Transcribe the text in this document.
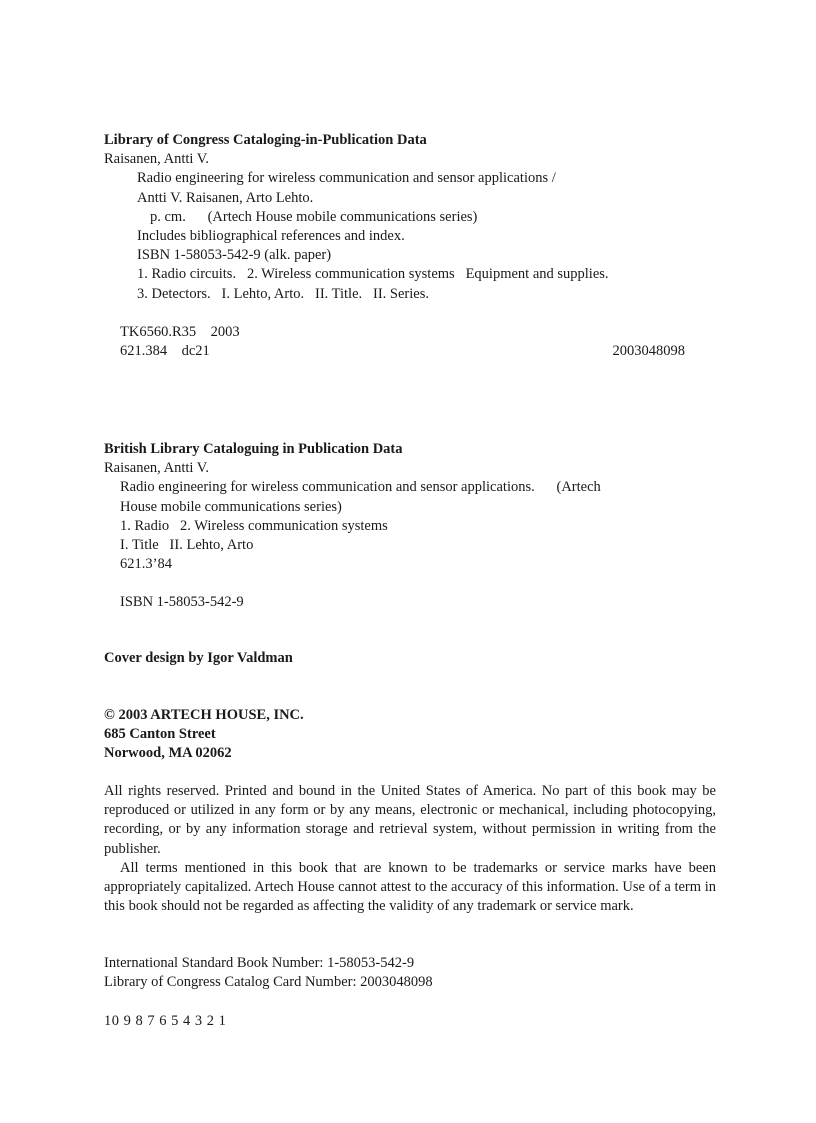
Library of Congress Cataloging-in-Publication Data
Raisanen, Antti V.
Radio engineering for wireless communication and sensor applications /
Antti V. Raisanen, Arto Lehto.
p. cm.      (Artech House mobile communications series)
Includes bibliographical references and index.
ISBN 1-58053-542-9 (alk. paper)
1. Radio circuits.   2. Wireless communication systems   Equipment and supplies.
3. Detectors.   I. Lehto, Arto.   II. Title.   II. Series.
TK6560.R35    2003
621.384    dc21	2003048098
British Library Cataloguing in Publication Data
Raisanen, Antti V.
Radio engineering for wireless communication and sensor applications.      (Artech
House mobile communications series)
1. Radio   2. Wireless communication systems
I. Title   II. Lehto, Arto
621.3’84
ISBN 1-58053-542-9
Cover design by Igor Valdman
© 2003 ARTECH HOUSE, INC.
685 Canton Street
Norwood, MA 02062
All rights reserved. Printed and bound in the United States of America. No part of this book may be reproduced or utilized in any form or by any means, electronic or mechanical, including photocopying, recording, or by any information storage and retrieval system, without permission in writing from the publisher.
All terms mentioned in this book that are known to be trademarks or service marks have been appropriately capitalized. Artech House cannot attest to the accuracy of this information. Use of a term in this book should not be regarded as affecting the validity of any trademark or service mark.
International Standard Book Number: 1-58053-542-9
Library of Congress Catalog Card Number: 2003048098
10 9 8 7 6 5 4 3 2 1
